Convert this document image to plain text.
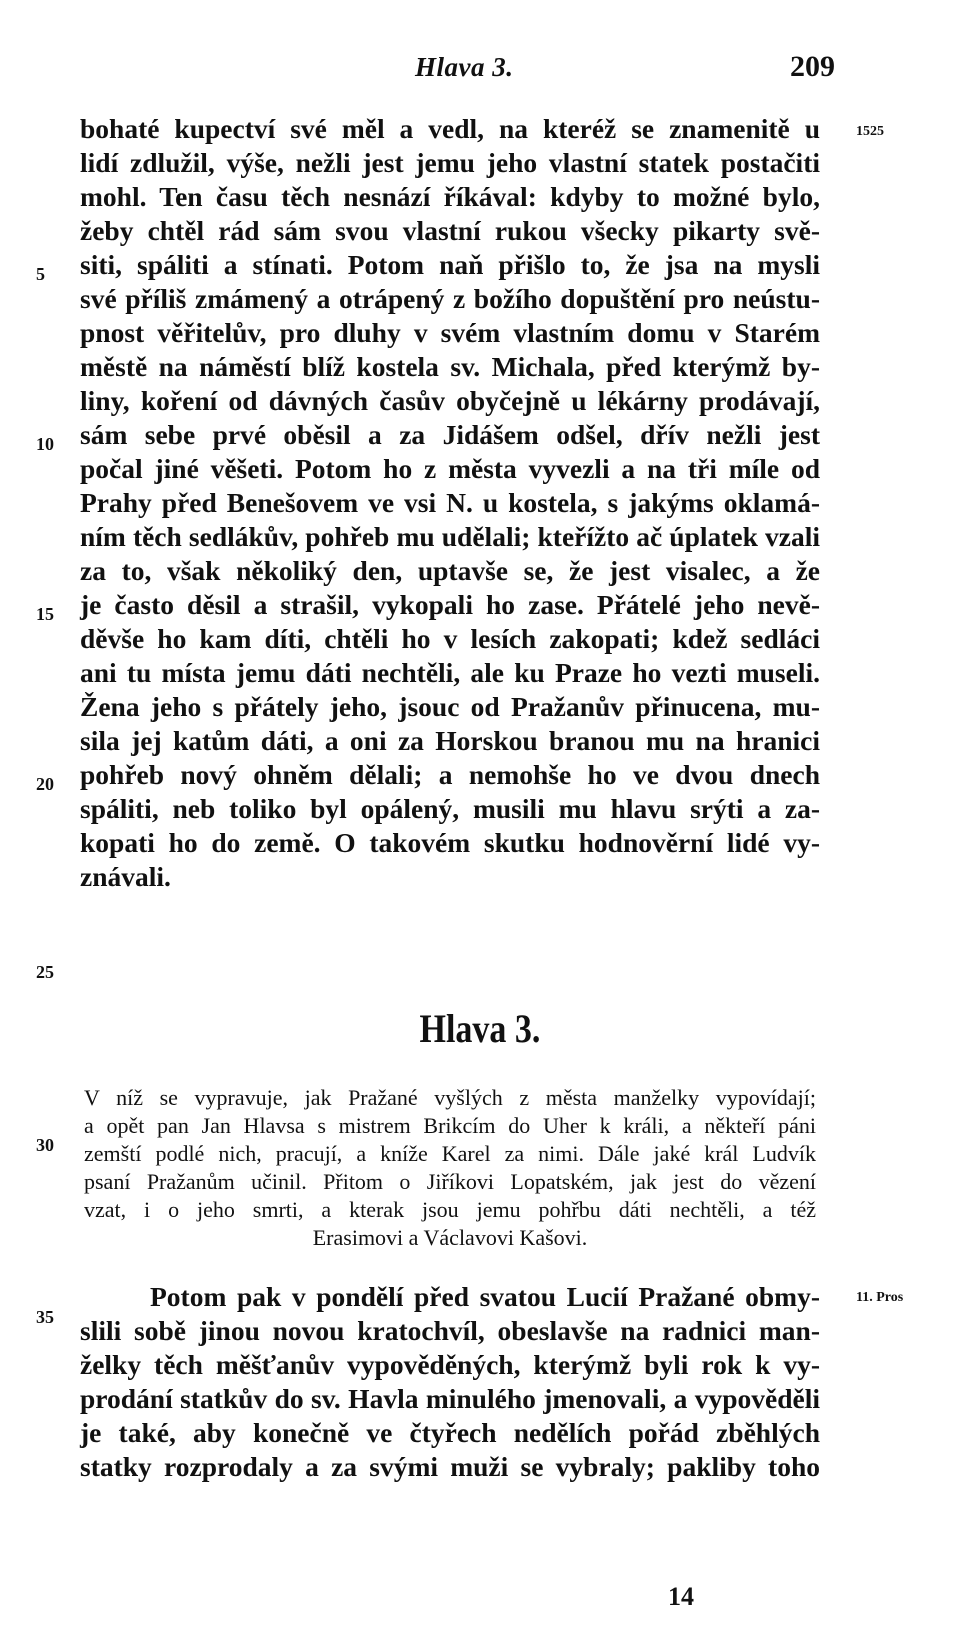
Hlava 3.	209
1525
5
10
15
20
25
30
35
bohaté kupectví své měl a vedl, na kteréž se znamenitě u
lidí zdlužil, výše, nežli jest jemu jeho vlastní statek postačiti
mohl. Ten času těch nesnází říkával: kdyby to možné bylo,
žeby chtěl rád sám svou vlastní rukou všecky pikarty svě-
siti, spáliti a stínati. Potom naň přišlo to, že jsa na mysli
své příliš zmámený a otrápený z božího dopuštění pro neústu-
pnost věřitelův, pro dluhy v svém vlastním domu v Starém
městě na náměstí blíž kostela sv. Michala, před kterýmž by-
liny, koření od dávných časův obyčejně u lékárny prodávají,
sám sebe prvé oběsil a za Jidášem odšel, dřív nežli jest
počal jiné věšeti. Potom ho z města vyvezli a na tři míle od
Prahy před Benešovem ve vsi N. u kostela, s jakýms oklamá-
ním těch sedlákův, pohřeb mu udělali; kteřížto ač úplatek vzali
za to, však několiký den, uptavše se, že jest visalec, a že
je často děsil a strašil, vykopali ho zase. Přátelé jeho nevě-
děvše ho kam díti, chtěli ho v lesích zakopati; kdež sedláci
ani tu místa jemu dáti nechtěli, ale ku Praze ho vezti museli.
Žena jeho s přátely jeho, jsouc od Pražanův přinucena, mu-
sila jej katům dáti, a oni za Horskou branou mu na hranici
pohřeb nový ohněm dělali; a nemohše ho ve dvou dnech
spáliti, neb toliko byl opálený, musili mu hlavu srýti a za-
kopati ho do země. O takovém skutku hodnověrní lidé vy-
znávali.
Hlava 3.
V níž se vypravuje, jak Pražané vyšlých z města manželky vypovídají;
a opět pan Jan Hlavsa s mistrem Brikcím do Uher k králi, a někteří páni
zemští podlé nich, pracují, a kníže Karel za nimi. Dále jaké král Ludvík
psaní Pražanům učinil. Přitom o Jiříkovi Lopatském, jak jest do vězení
vzat, i o jeho smrti, a kterak jsou jemu pohřbu dáti nechtěli, a též
Erasimovi a Václavovi Kašovi.
11. Pros
Potom pak v pondělí před svatou Lucií Pražané obmy-
slili sobě jinou novou kratochvíl, obeslavše na radnici man-
želky těch měšťanův vypověděných, kterýmž byli rok k vy-
prodání statkův do sv. Havla minulého jmenovali, a vypověděli
je také, aby konečně ve čtyřech nedělích pořád zběhlých
statky rozprodaly a za svými muži se vybraly; pakliby toho
14
